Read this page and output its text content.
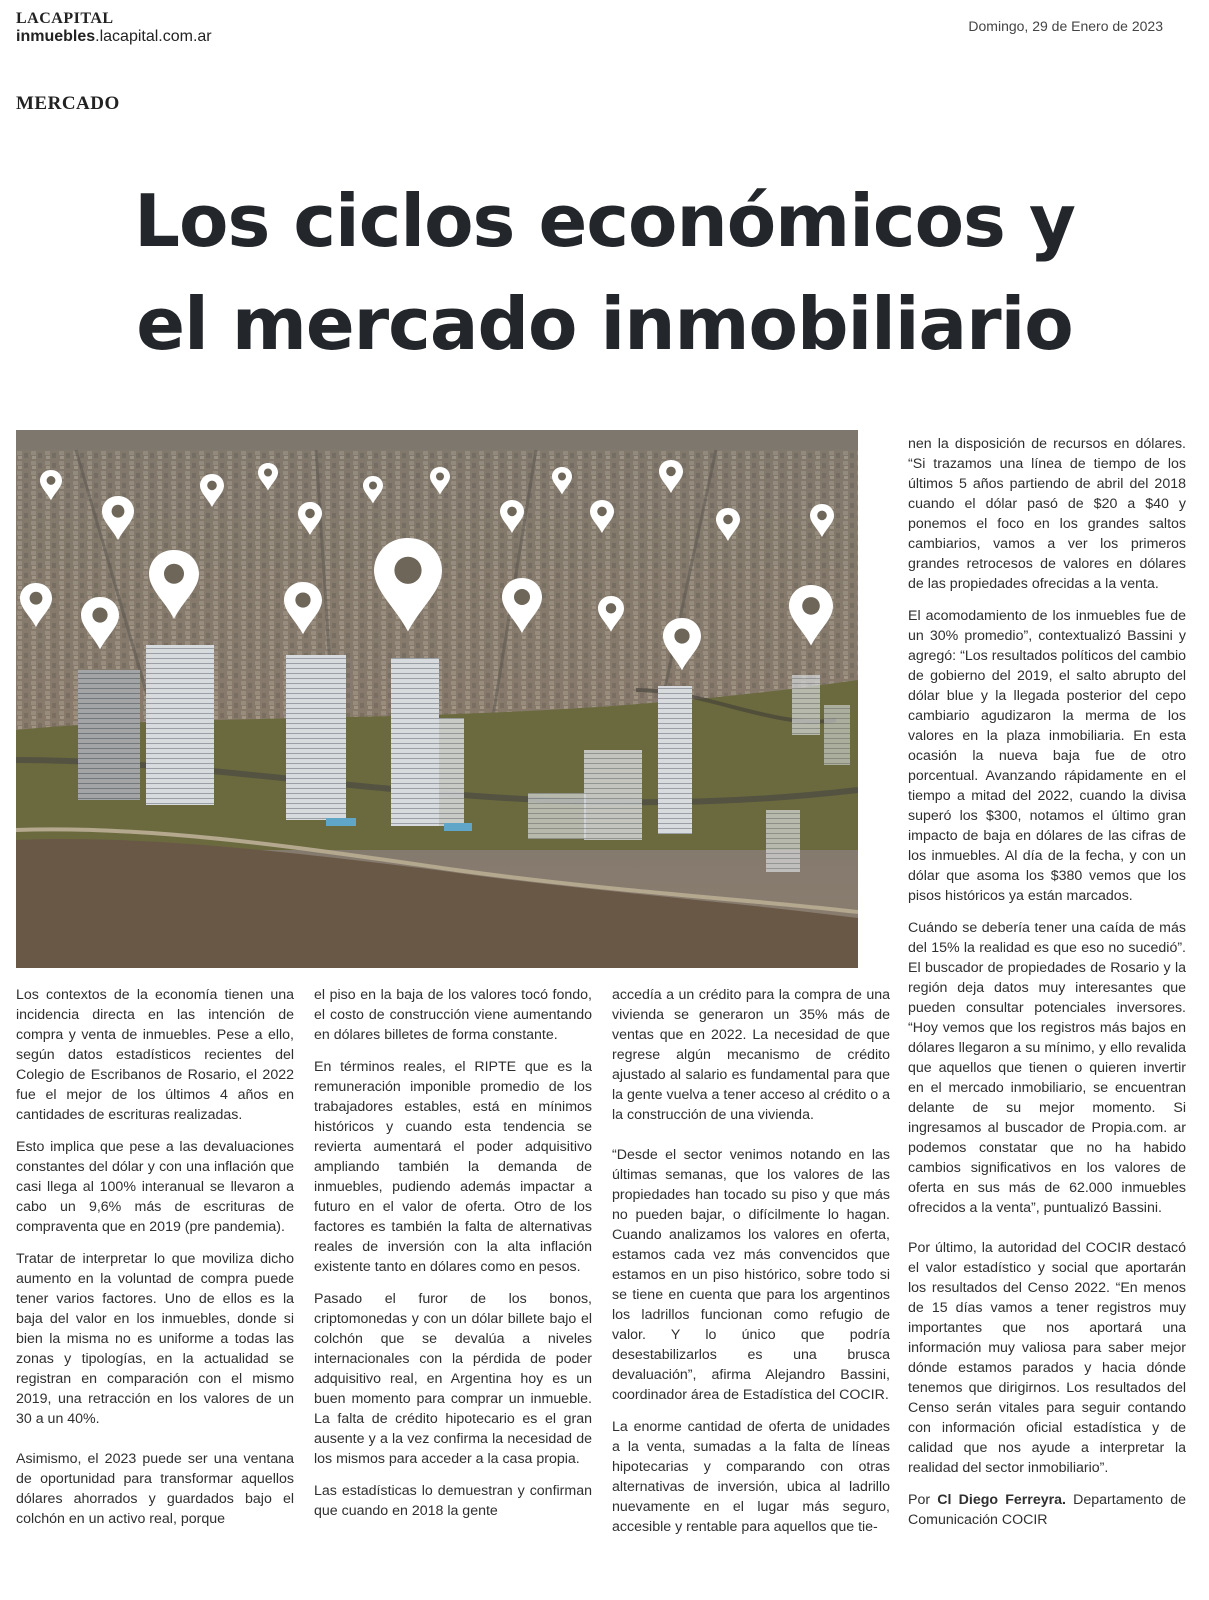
LACAPITAL
inmuebles.lacapital.com.ar
Domingo, 29 de Enero de 2023
MERCADO
Los ciclos económicos y
el mercado inmobiliario

Los contextos de la economía tienen una incidencia directa en las intención de compra y venta de inmuebles. Pese a ello, según datos estadísticos recientes del Colegio de Escribanos de Rosario, el 2022 fue el mejor de los últimos 4 años en cantidades de escrituras realizadas.

Esto implica que pese a las devaluaciones constantes del dólar y con una inflación que casi llega al 100% interanual se llevaron a cabo un 9,6% más de escrituras de compraventa que en 2019 (pre pandemia).

Tratar de interpretar lo que moviliza dicho aumento en la voluntad de compra puede tener varios factores. Uno de ellos es la baja del valor en los inmuebles, donde si bien la misma no es uniforme a todas las zonas y tipologías, en la actualidad se registran en comparación con el mismo 2019, una retracción en los valores de un 30 a un 40%.

Asimismo, el 2023 puede ser una ventana de oportunidad para transformar aquellos dólares ahorrados y guardados bajo el colchón en un activo real, porque

el piso en la baja de los valores tocó fondo, el costo de construcción viene aumentando en dólares billetes de forma constante.

En términos reales, el RIPTE que es la remuneración imponible promedio de los trabajadores estables, está en mínimos históricos y cuando esta tendencia se revierta aumentará el poder adquisitivo ampliando también la demanda de inmuebles, pudiendo además impactar a futuro en el valor de oferta. Otro de los factores es también la falta de alternativas reales de inversión con la alta inflación existente tanto en dólares como en pesos.

Pasado el furor de los bonos, criptomonedas y con un dólar billete bajo el colchón que se devalúa a niveles internacionales con la pérdida de poder adquisitivo real, en Argentina hoy es un buen momento para comprar un inmueble. La falta de crédito hipotecario es el gran ausente y a la vez confirma la necesidad de los mismos para acceder a la casa propia.

Las estadísticas lo demuestran y confirman que cuando en 2018 la gente

accedía a un crédito para la compra de una vivienda se generaron un 35% más de ventas que en 2022. La necesidad de que regrese algún mecanismo de crédito ajustado al salario es fundamental para que la gente vuelva a tener acceso al crédito o a la construcción de una vivienda.

“Desde el sector venimos notando en las últimas semanas, que los valores de las propiedades han tocado su piso y que más no pueden bajar, o difícilmente lo hagan. Cuando analizamos los valores en oferta, estamos cada vez más convencidos que estamos en un piso histórico, sobre todo si se tiene en cuenta que para los argentinos los ladrillos funcionan como refugio de valor. Y lo único que podría desestabilizarlos es una brusca devaluación”, afirma Alejandro Bassini, coordinador área de Estadística del COCIR.

La enorme cantidad de oferta de unidades a la venta, sumadas a la falta de líneas hipotecarias y comparando con otras alternativas de inversión, ubica al ladrillo nuevamente en el lugar más seguro, accesible y rentable para aquellos que tie-

nen la disposición de recursos en dólares. “Si trazamos una línea de tiempo de los últimos 5 años partiendo de abril del 2018 cuando el dólar pasó de $20 a $40 y ponemos el foco en los grandes saltos cambiarios, vamos a ver los primeros grandes retrocesos de valores en dólares de las propiedades ofrecidas a la venta.

El acomodamiento de los inmuebles fue de un 30% promedio”, contextualizó Bassini y agregó: “Los resultados políticos del cambio de gobierno del 2019, el salto abrupto del dólar blue y la llegada posterior del cepo cambiario agudizaron la merma de los valores en la plaza inmobiliaria. En esta ocasión la nueva baja fue de otro porcentual. Avanzando rápidamente en el tiempo a mitad del 2022, cuando la divisa superó los $300, notamos el último gran impacto de baja en dólares de las cifras de los inmuebles. Al día de la fecha, y con un dólar que asoma los $380 vemos que los pisos históricos ya están marcados.

Cuándo se debería tener una caída de más del 15% la realidad es que eso no sucedió”. El buscador de propiedades de Rosario y la región deja datos muy interesantes que pueden consultar potenciales inversores. “Hoy vemos que los registros más bajos en dólares llegaron a su mínimo, y ello revalida que aquellos que tienen o quieren invertir en el mercado inmobiliario, se encuentran delante de su mejor momento. Si ingresamos al buscador de Propia.com. ar podemos constatar que no ha habido cambios significativos en los valores de oferta en sus más de 62.000 inmuebles ofrecidos a la venta”, puntualizó Bassini.

Por último, la autoridad del COCIR destacó el valor estadístico y social que aportarán los resultados del Censo 2022. “En menos de 15 días vamos a tener registros muy importantes que nos aportará una información muy valiosa para saber mejor dónde estamos parados y hacia dónde tenemos que dirigirnos. Los resultados del Censo serán vitales para seguir contando con información oficial estadística y de calidad que nos ayude a interpretar la realidad del sector inmobiliario”.

Por Cl Diego Ferreyra. Departamento de Comunicación COCIR
